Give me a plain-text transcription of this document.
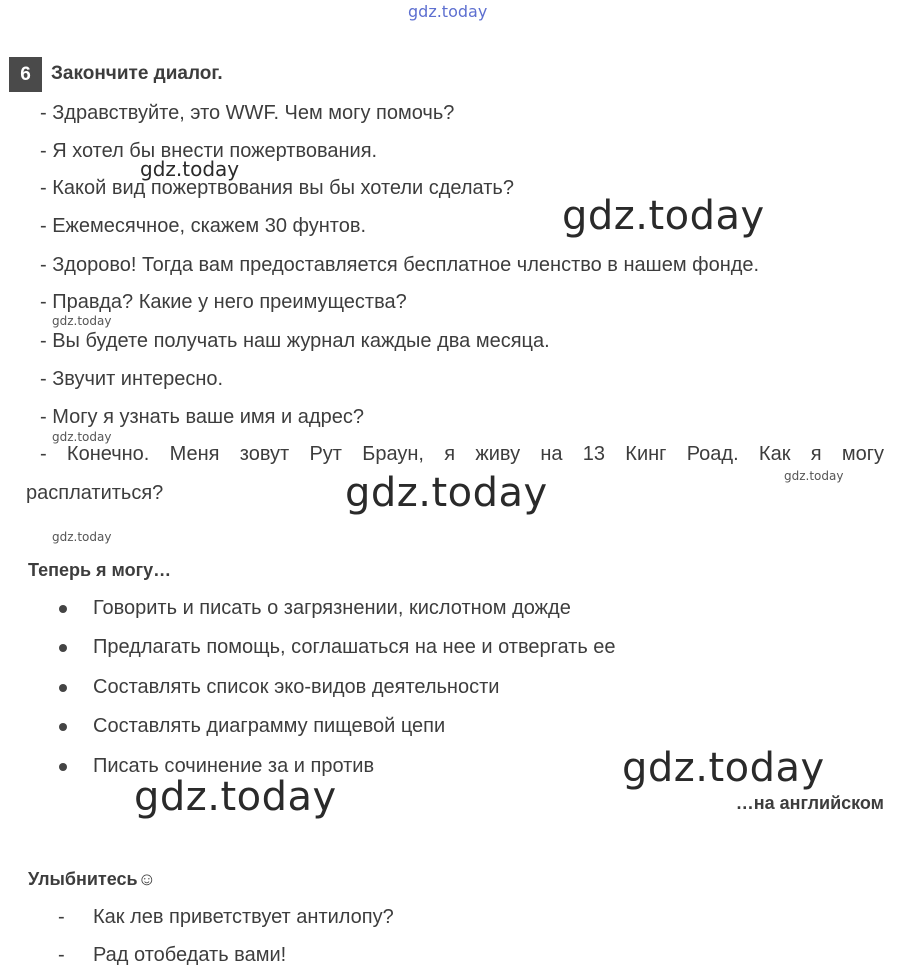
gdz.today
gdz.today
gdz.today
gdz.today
gdz.today
gdz.today
gdz.today
gdz.today
gdz.today
gdz.today
6	Закончите диалог.
- Здравствуйте, это WWF. Чем могу помочь?
- Я хотел бы внести пожертвования.
- Какой вид пожертвования вы бы хотели сделать?
- Ежемесячное, скажем 30 фунтов.
- Здорово! Тогда вам предоставляется бесплатное членство в нашем фонде.
- Правда? Какие у него преимущества?
- Вы будете получать наш журнал каждые два месяца.
- Звучит интересно.
- Могу я узнать ваше имя и адрес?
- Конечно. Меня зовут Рут Браун, я живу на 13 Кинг Роад. Как я могу
расплатиться?
Теперь я могу…
Говорить и писать о загрязнении, кислотном дожде
Предлагать помощь, соглашаться на нее и отвергать ее
Составлять список эко-видов деятельности
Составлять диаграмму пищевой цепи
Писать сочинение за и против
…на английском
Улыбнитесь☺
- Как лев приветствует антилопу?
- Рад отобедать вами!
